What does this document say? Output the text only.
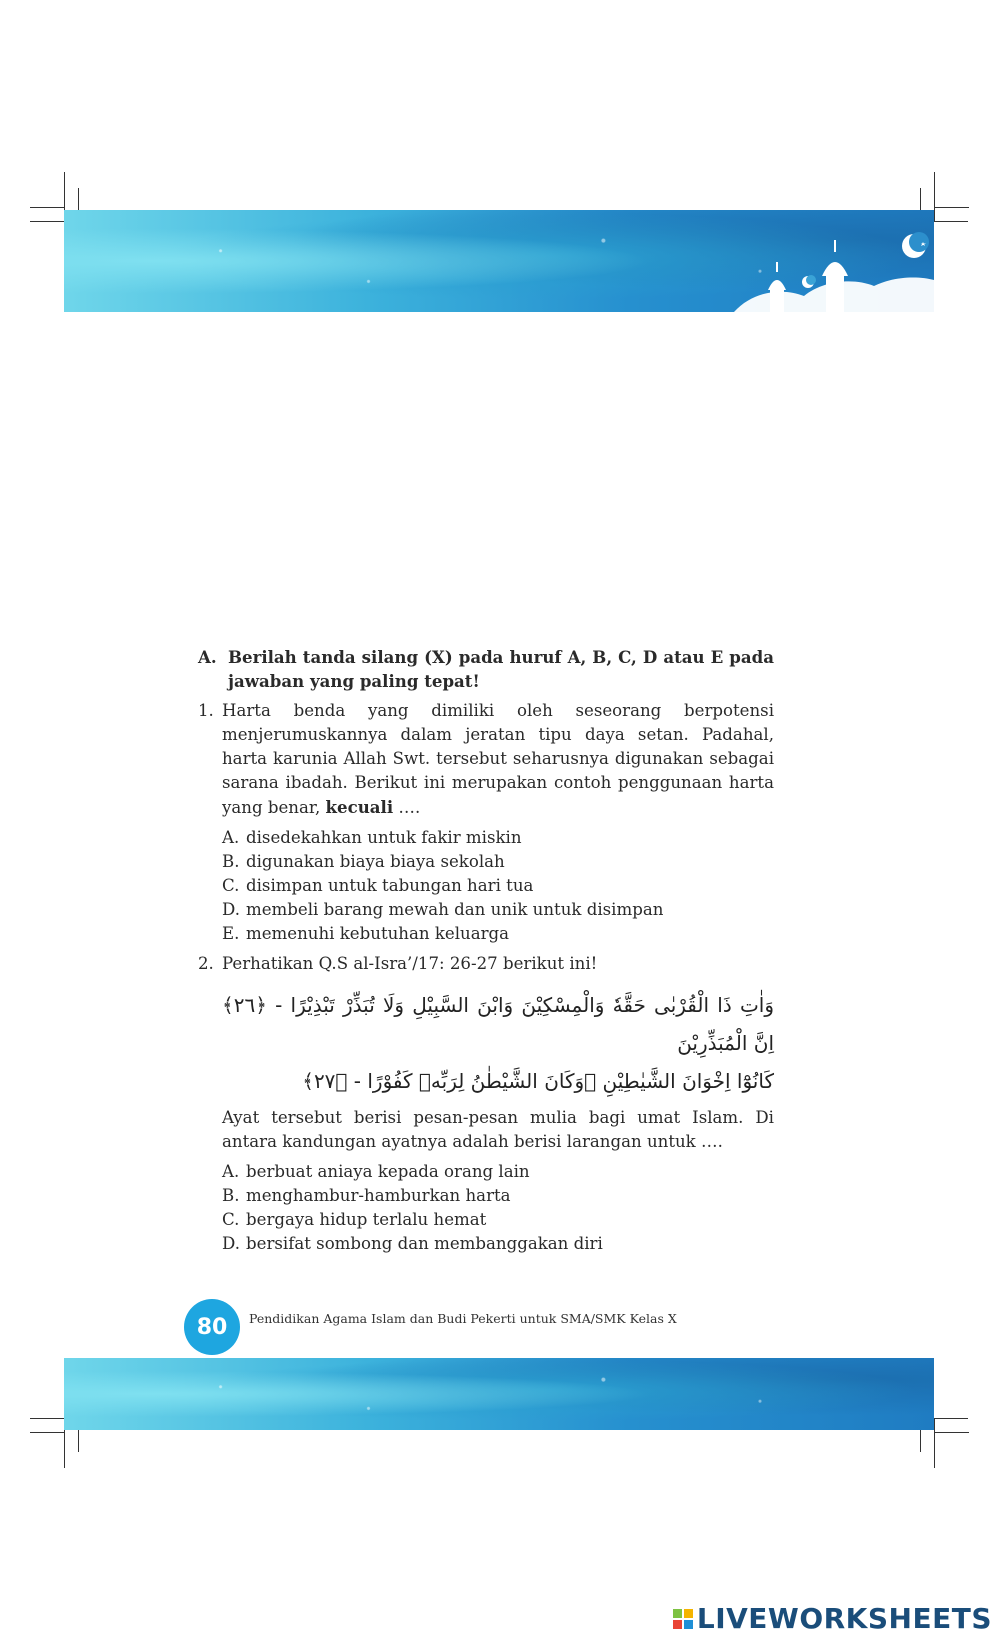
A. Berilah tanda silang (X) pada huruf A, B, C, D atau E pada jawaban yang paling tepat!
1. Harta benda yang dimiliki oleh seseorang berpotensi menjerumuskannya dalam jeratan tipu daya setan. Padahal, harta karunia Allah Swt. tersebut seharusnya digunakan sebagai sarana ibadah. Berikut ini merupakan contoh penggunaan harta yang benar, kecuali ….
A. disedekahkan untuk fakir miskin
B. digunakan biaya biaya sekolah
C. disimpan untuk tabungan hari tua
D. membeli barang mewah dan unik untuk disimpan
E. memenuhi kebutuhan keluarga
2. Perhatikan Q.S al-Isra’/17: 26-27 berikut ini!
وَاٰتِ ذَا الْقُرْبٰى حَقَّهٗ وَالْمِسْكِيْنَ وَابْنَ السَّبِيْلِ وَلَا تُبَذِّرْ تَبْذِيْرًا - ﴿٢٦﴾ اِنَّ الْمُبَذِّرِيْنَ
كَانُوْٓا اِخْوَانَ الشَّيٰطِيْنِ ۗوَكَانَ الشَّيْطٰنُ لِرَبِّهٖ كَفُوْرًا - ﴿٢٧﴾
Ayat tersebut berisi pesan-pesan mulia bagi umat Islam. Di antara kandungan ayatnya adalah berisi larangan untuk ….
A. berbuat aniaya kepada orang lain
B. menghambur-hamburkan harta
C. bergaya hidup terlalu hemat
D. bersifat sombong dan membanggakan diri
80	Pendidikan Agama Islam dan Budi Pekerti untuk SMA/SMK Kelas X
LIVEWORKSHEETS
